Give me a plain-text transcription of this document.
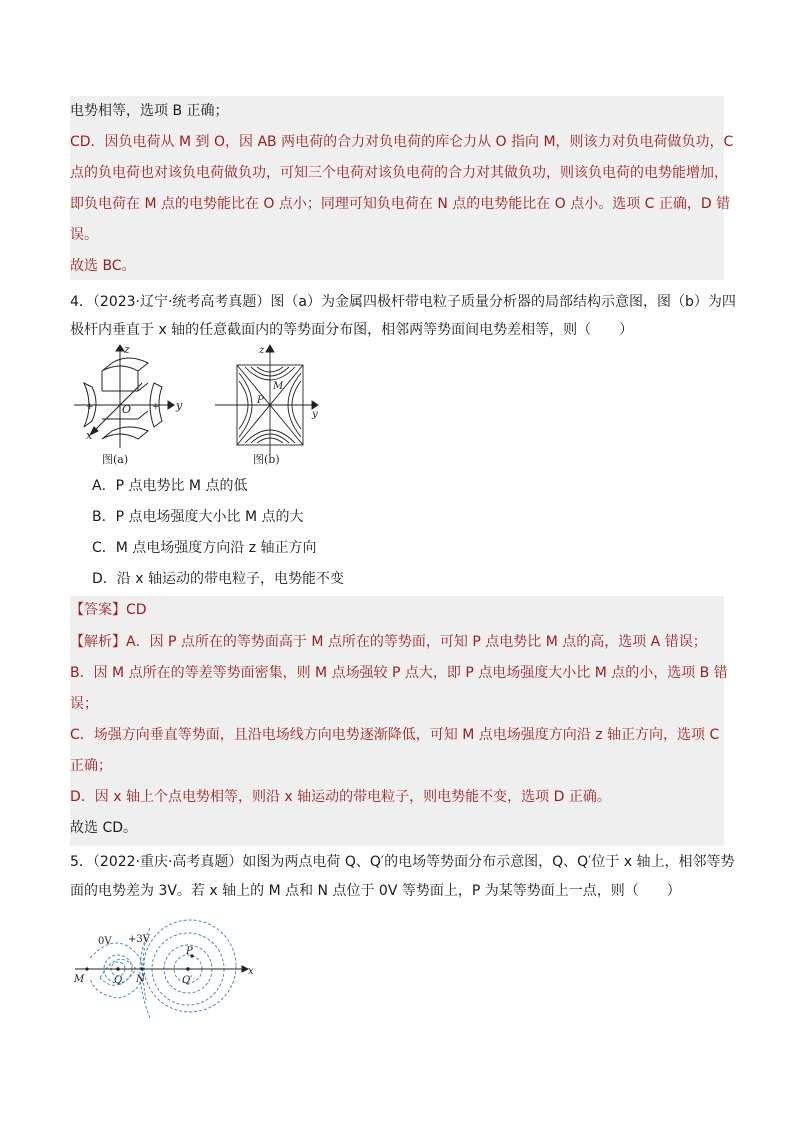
电势相等，选项 B 正确；
CD．因负电荷从 M 到 O，因 AB 两电荷的合力对负电荷的库仑力从 O 指向 M，则该力对负电荷做负功，C
点的负电荷也对该负电荷做负功，可知三个电荷对该负电荷的合力对其做负功，则该负电荷的电势能增加，
即负电荷在 M 点的电势能比在 O 点小；同理可知负电荷在 N 点的电势能比在 O 点小。选项 C 正确，D 错
误。
故选 BC。
4．（2023·辽宁·统考高考真题）图（a）为金属四极杆带电粒子质量分析器的局部结构示意图，图（b）为四
极杆内垂直于 x 轴的任意截面内的等势面分布图，相邻两等势面间电势差相等，则（　　）
z
y
x
O
−
−
+	+
图(a)
z
y
M
P
图(b)
A．P 点电势比 M 点的低
B．P 点电场强度大小比 M 点的大
C．M 点电场强度方向沿 z 轴正方向
D．沿 x 轴运动的带电粒子，电势能不变
【答案】CD
【解析】A．因 P 点所在的等势面高于 M 点所在的等势面，可知 P 点电势比 M 点的高，选项 A 错误；
B．因 M 点所在的等差等势面密集，则 M 点场强较 P 点大，即 P 点电场强度大小比 M 点的小，选项 B 错
误；
C．场强方向垂直等势面，且沿电场线方向电势逐渐降低，可知 M 点电场强度方向沿 z 轴正方向，选项 C
正确；
D．因 x 轴上个点电势相等，则沿 x 轴运动的带电粒子，则电势能不变，选项 D 正确。
故选 CD。
5．（2022·重庆·高考真题）如图为两点电荷 Q、Q′的电场等势面分布示意图，Q、Q′位于 x 轴上，相邻等势
面的电势差为 3V。若 x 轴上的 M 点和 N 点位于 0V 等势面上，P 为某等势面上一点，则（　　）
0V +3V
M	Q N
P
Q′
x
